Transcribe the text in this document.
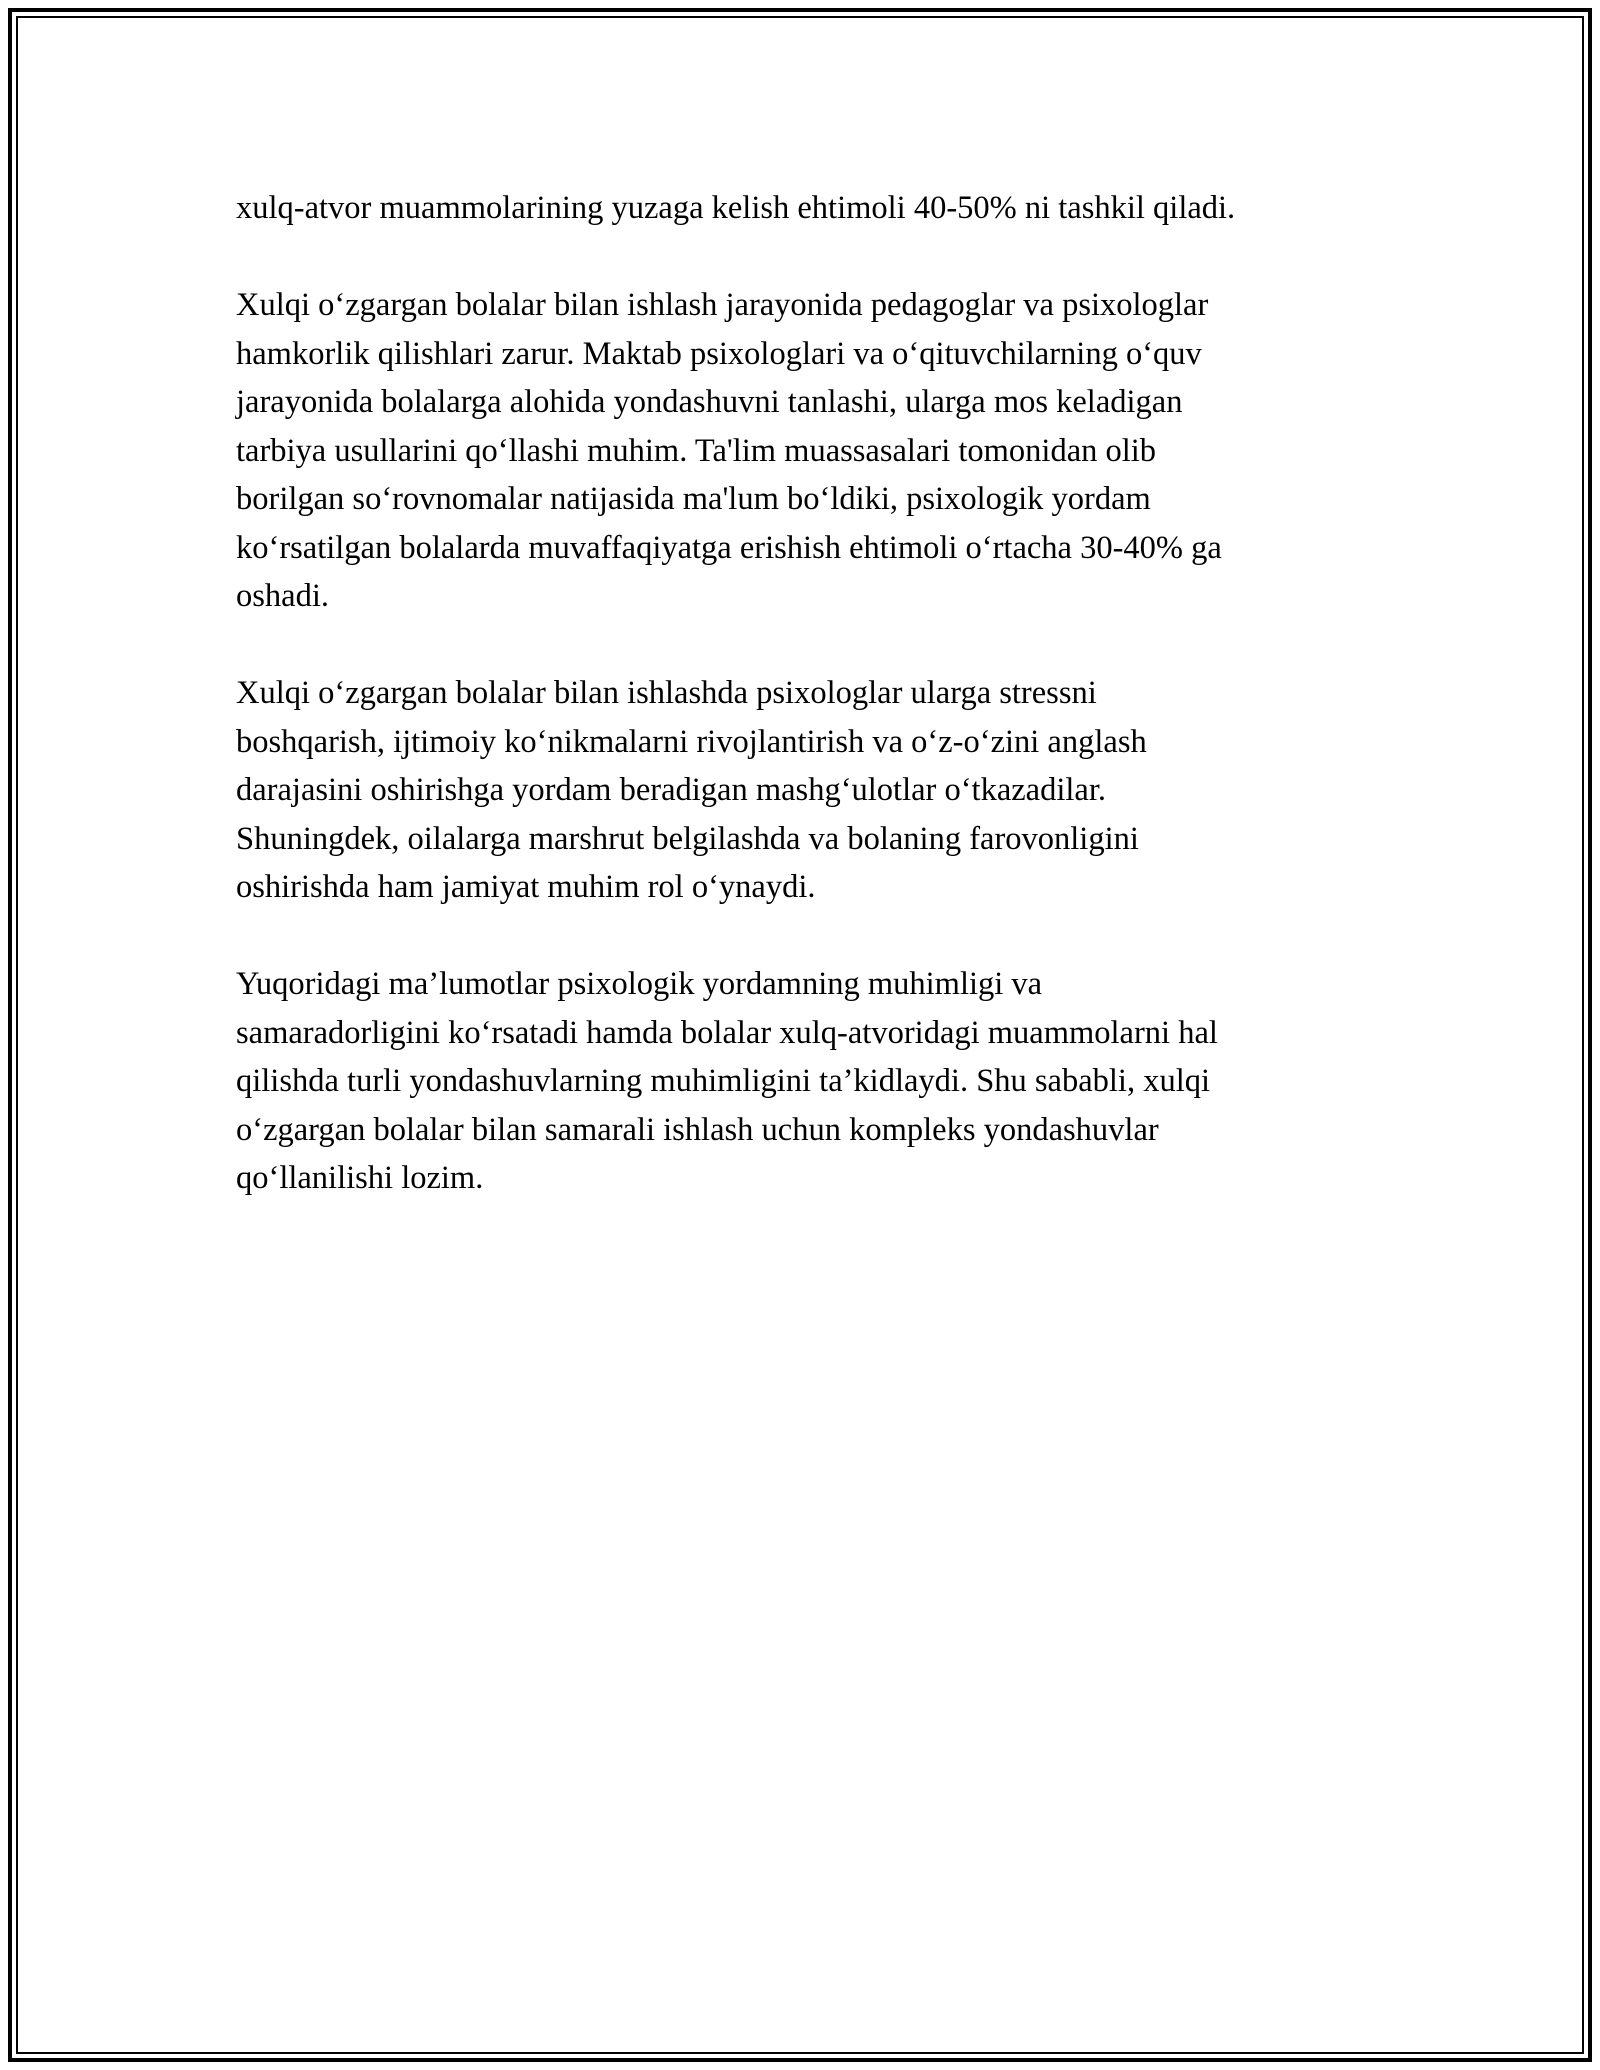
xulq-atvor muammolarining yuzaga kelish ehtimoli 40-50% ni tashkil qiladi.

Xulqi o‘zgargan bolalar bilan ishlash jarayonida pedagoglar va psixologlar
hamkorlik qilishlari zarur. Maktab psixologlari va o‘qituvchilarning o‘quv
jarayonida bolalarga alohida yondashuvni tanlashi, ularga mos keladigan
tarbiya usullarini qo‘llashi muhim. Ta'lim muassasalari tomonidan olib
borilgan so‘rovnomalar natijasida ma'lum bo‘ldiki, psixologik yordam
ko‘rsatilgan bolalarda muvaffaqiyatga erishish ehtimoli o‘rtacha 30-40% ga
oshadi.

Xulqi o‘zgargan bolalar bilan ishlashda psixologlar ularga stressni
boshqarish, ijtimoiy ko‘nikmalarni rivojlantirish va o‘z-o‘zini anglash
darajasini oshirishga yordam beradigan mashg‘ulotlar o‘tkazadilar.
Shuningdek, oilalarga marshrut belgilashda va bolaning farovonligini
oshirishda ham jamiyat muhim rol o‘ynaydi.

Yuqoridagi ma’lumotlar psixologik yordamning muhimligi va
samaradorligini ko‘rsatadi hamda bolalar xulq-atvoridagi muammolarni hal
qilishda turli yondashuvlarning muhimligini ta’kidlaydi. Shu sababli, xulqi
o‘zgargan bolalar bilan samarali ishlash uchun kompleks yondashuvlar
qo‘llanilishi lozim.
